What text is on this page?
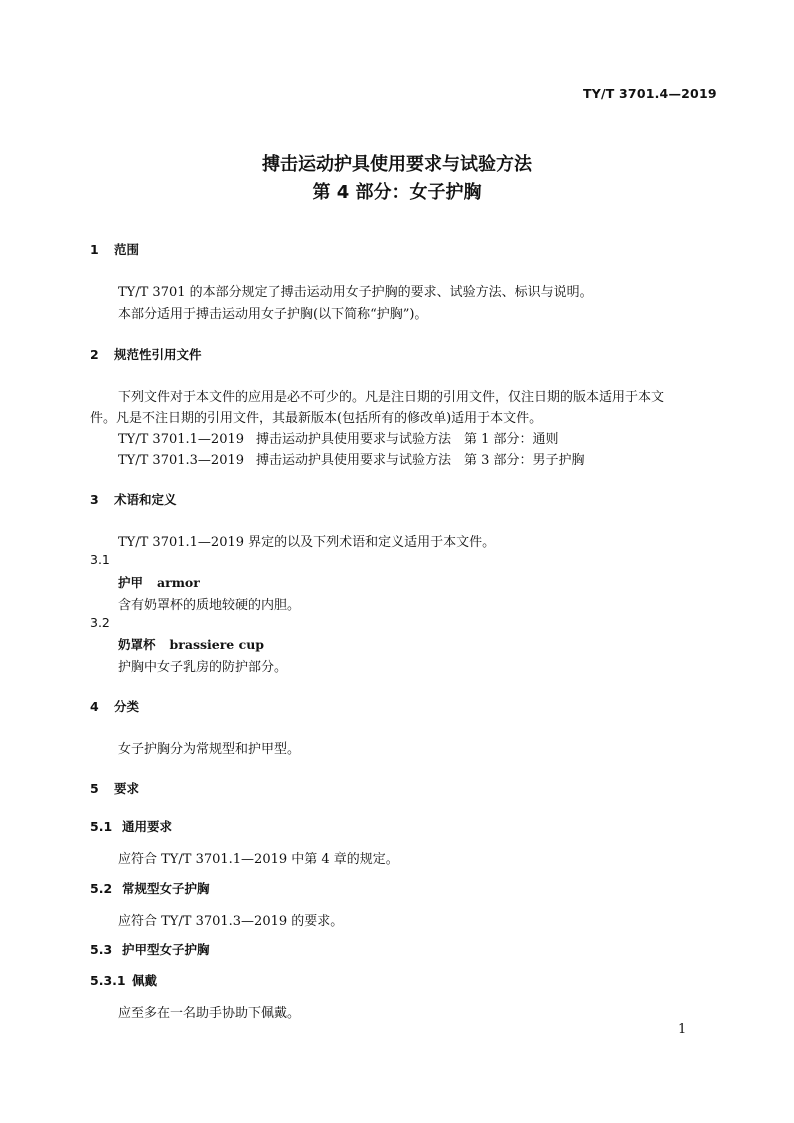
TY/T 3701.4—2019
搏击运动护具使用要求与试验方法
第 4 部分：女子护胸
1 范围
TY/T 3701 的本部分规定了搏击运动用女子护胸的要求、试验方法、标识与说明。
本部分适用于搏击运动用女子护胸(以下简称“护胸”)。
2 规范性引用文件
下列文件对于本文件的应用是必不可少的。凡是注日期的引用文件，仅注日期的版本适用于本文
件。凡是不注日期的引用文件，其最新版本(包括所有的修改单)适用于本文件。
TY/T 3701.1—2019 搏击运动护具使用要求与试验方法　第 1 部分：通则
TY/T 3701.3—2019 搏击运动护具使用要求与试验方法　第 3 部分：男子护胸
3 术语和定义
TY/T 3701.1—2019 界定的以及下列术语和定义适用于本文件。
3.1
护甲 armor
含有奶罩杯的质地较硬的内胆。
3.2
奶罩杯 brassiere cup
护胸中女子乳房的防护部分。
4 分类
女子护胸分为常规型和护甲型。
5 要求
5.1 通用要求
应符合 TY/T 3701.1—2019 中第 4 章的规定。
5.2 常规型女子护胸
应符合 TY/T 3701.3—2019 的要求。
5.3 护甲型女子护胸
5.3.1 佩戴
应至多在一名助手协助下佩戴。
1
